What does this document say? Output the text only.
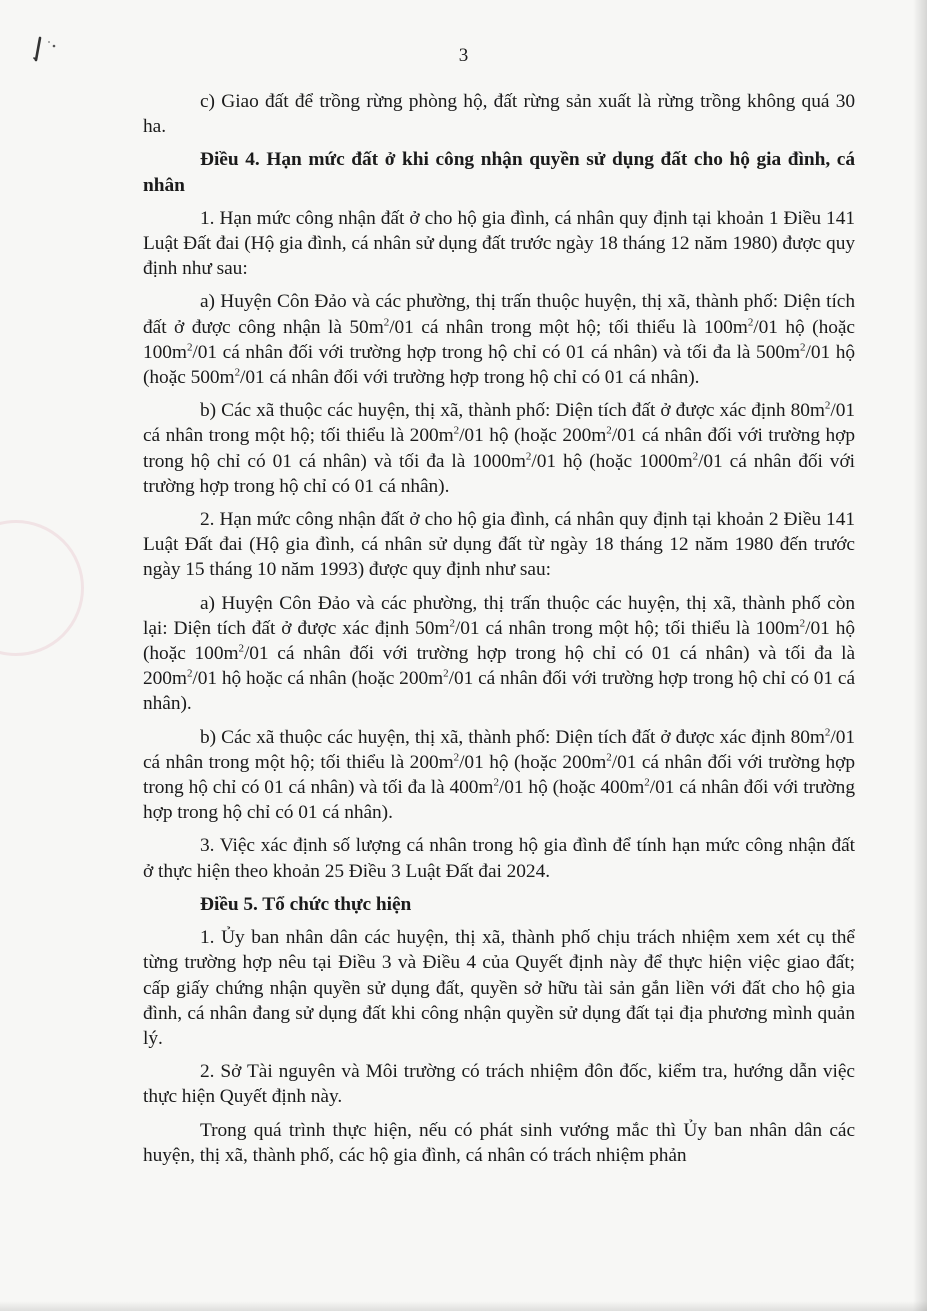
3

c) Giao đất để trồng rừng phòng hộ, đất rừng sản xuất là rừng trồng không quá 30 ha.

Điều 4. Hạn mức đất ở khi công nhận quyền sử dụng đất cho hộ gia đình, cá nhân

1. Hạn mức công nhận đất ở cho hộ gia đình, cá nhân quy định tại khoản 1 Điều 141 Luật Đất đai (Hộ gia đình, cá nhân sử dụng đất trước ngày 18 tháng 12 năm 1980) được quy định như sau:

a) Huyện Côn Đảo và các phường, thị trấn thuộc huyện, thị xã, thành phố: Diện tích đất ở được công nhận là $50m^2/01$ cá nhân trong một hộ; tối thiểu là $100m^2/01$ hộ (hoặc $100m^2/01$ cá nhân đối với trường hợp trong hộ chỉ có 01 cá nhân) và tối đa là $500m^2/01$ hộ (hoặc $500m^2/01$ cá nhân đối với trường hợp trong hộ chỉ có 01 cá nhân).

b) Các xã thuộc các huyện, thị xã, thành phố: Diện tích đất ở được xác định $80m^2/01$ cá nhân trong một hộ; tối thiểu là $200m^2/01$ hộ (hoặc $200m^2/01$ cá nhân đối với trường hợp trong hộ chỉ có 01 cá nhân) và tối đa là $1000m^2/01$ hộ (hoặc $1000m^2/01$ cá nhân đối với trường hợp trong hộ chỉ có 01 cá nhân).

2. Hạn mức công nhận đất ở cho hộ gia đình, cá nhân quy định tại khoản 2 Điều 141 Luật Đất đai (Hộ gia đình, cá nhân sử dụng đất từ ngày 18 tháng 12 năm 1980 đến trước ngày 15 tháng 10 năm 1993) được quy định như sau:

a) Huyện Côn Đảo và các phường, thị trấn thuộc các huyện, thị xã, thành phố còn lại: Diện tích đất ở được xác định $50m^2/01$ cá nhân trong một hộ; tối thiểu là $100m^2/01$ hộ (hoặc $100m^2/01$ cá nhân đối với trường hợp trong hộ chỉ có 01 cá nhân) và tối đa là $200m^2/01$ hộ hoặc cá nhân (hoặc $200m^2/01$ cá nhân đối với trường hợp trong hộ chỉ có 01 cá nhân).

b) Các xã thuộc các huyện, thị xã, thành phố: Diện tích đất ở được xác định $80m^2/01$ cá nhân trong một hộ; tối thiểu là $200m^2/01$ hộ (hoặc $200m^2/01$ cá nhân đối với trường hợp trong hộ chỉ có 01 cá nhân) và tối đa là $400m^2/01$ hộ (hoặc $400m^2/01$ cá nhân đối với trường hợp trong hộ chỉ có 01 cá nhân).

3. Việc xác định số lượng cá nhân trong hộ gia đình để tính hạn mức công nhận đất ở thực hiện theo khoản 25 Điều 3 Luật Đất đai 2024.

Điều 5. Tổ chức thực hiện

1. Ủy ban nhân dân các huyện, thị xã, thành phố chịu trách nhiệm xem xét cụ thể từng trường hợp nêu tại Điều 3 và Điều 4 của Quyết định này để thực hiện việc giao đất; cấp giấy chứng nhận quyền sử dụng đất, quyền sở hữu tài sản gắn liền với đất cho hộ gia đình, cá nhân đang sử dụng đất khi công nhận quyền sử dụng đất tại địa phương mình quản lý.

2. Sở Tài nguyên và Môi trường có trách nhiệm đôn đốc, kiểm tra, hướng dẫn việc thực hiện Quyết định này.

Trong quá trình thực hiện, nếu có phát sinh vướng mắc thì Ủy ban nhân dân các huyện, thị xã, thành phố, các hộ gia đình, cá nhân có trách nhiệm phản
